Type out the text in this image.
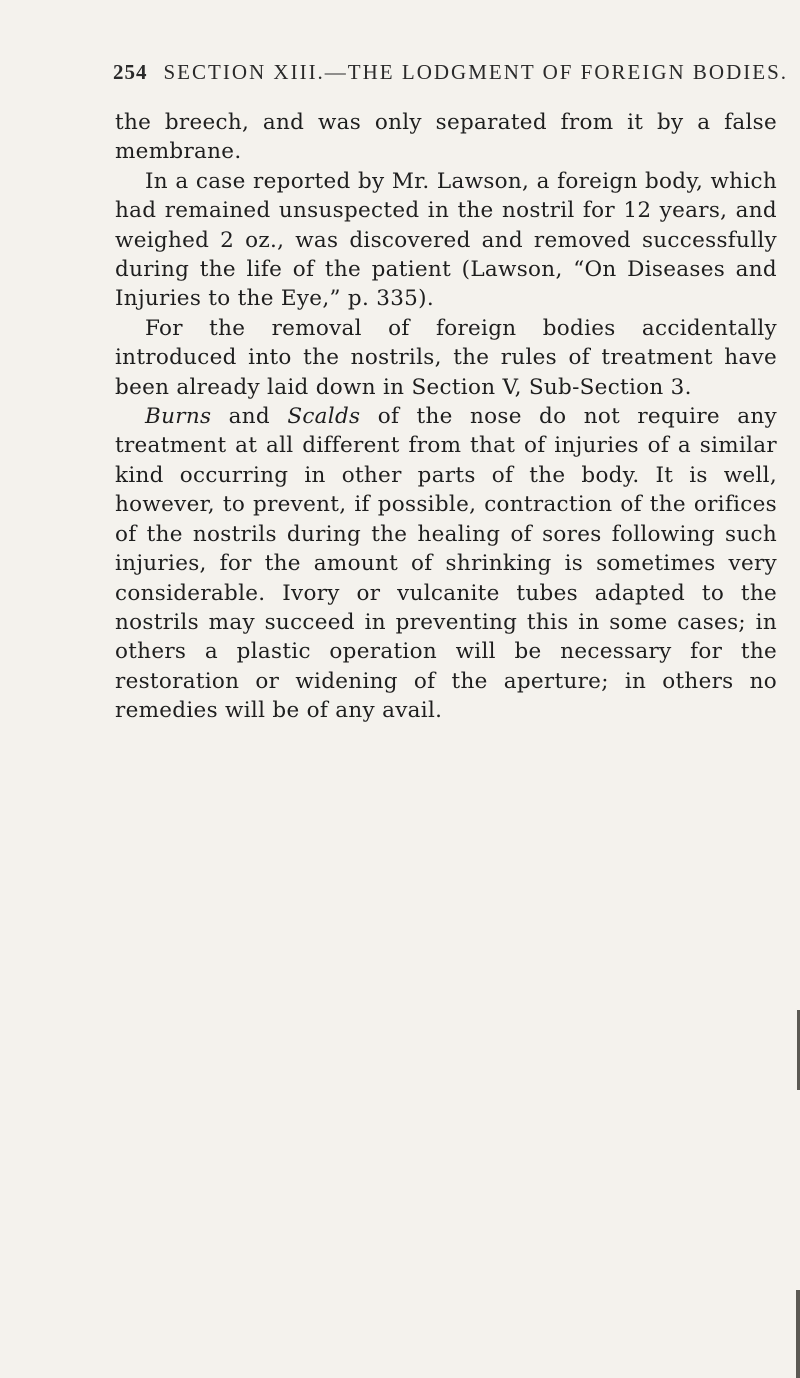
254 SECTION XIII.—THE LODGMENT OF FOREIGN BODIES.

the breech, and was only separated from it by a false membrane.

In a case reported by Mr. Lawson, a foreign body, which had remained unsuspected in the nostril for 12 years, and weighed 2 oz., was discovered and removed successfully during the life of the patient (Lawson, “On Diseases and Injuries to the Eye,” p. 335).

For the removal of foreign bodies accidentally introduced into the nostrils, the rules of treatment have been already laid down in Section V, Sub-Section 3.

Burns and Scalds of the nose do not require any treatment at all different from that of injuries of a similar kind occurring in other parts of the body. It is well, however, to prevent, if possible, contraction of the orifices of the nostrils during the healing of sores following such injuries, for the amount of shrinking is sometimes very considerable. Ivory or vulcanite tubes adapted to the nostrils may succeed in preventing this in some cases; in others a plastic operation will be necessary for the restoration or widening of the aperture; in others no remedies will be of any avail.
